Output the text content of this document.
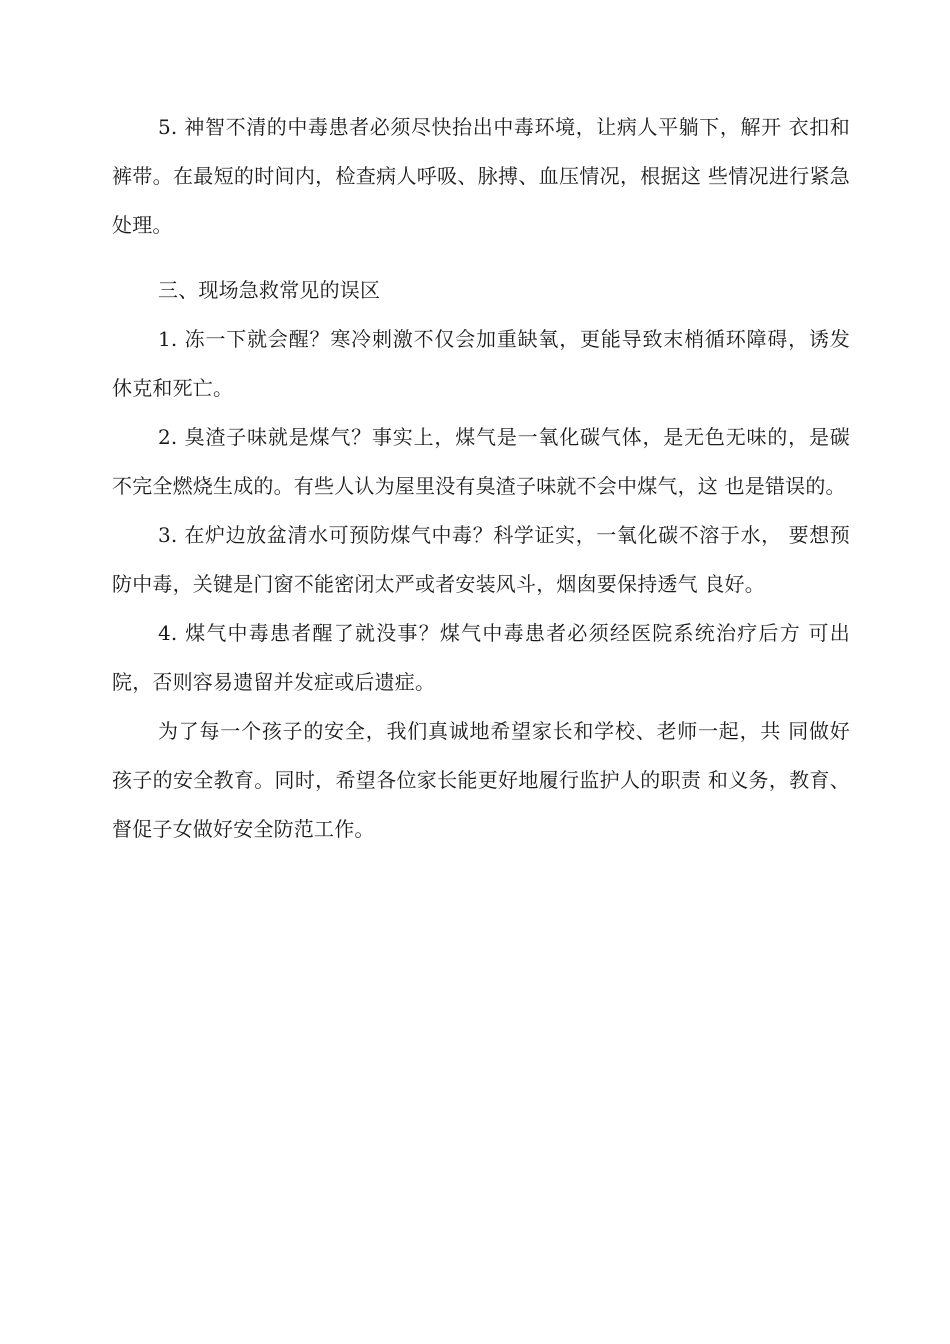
5. 神智不清的中毒患者必须尽快抬出中毒环境，让病人平躺下，解开 衣扣和裤带。在最短的时间内，检查病人呼吸、脉搏、血压情况，根据这 些情况进行紧急处理。

三、现场急救常见的误区

1. 冻一下就会醒？寒冷刺激不仅会加重缺氧，更能导致末梢循环障碍，诱发休克和死亡。

2. 臭渣子味就是煤气？事实上，煤气是一氧化碳气体，是无色无味的，是碳不完全燃烧生成的。有些人认为屋里没有臭渣子味就不会中煤气，这 也是错误的。

3. 在炉边放盆清水可预防煤气中毒？科学证实，一氧化碳不溶于水， 要想预防中毒，关键是门窗不能密闭太严或者安装风斗，烟囱要保持透气 良好。

4. 煤气中毒患者醒了就没事？煤气中毒患者必须经医院系统治疗后方 可出院，否则容易遗留并发症或后遗症。

为了每一个孩子的安全，我们真诚地希望家长和学校、老师一起，共 同做好孩子的安全教育。同时，希望各位家长能更好地履行监护人的职责 和义务，教育、督促子女做好安全防范工作。
